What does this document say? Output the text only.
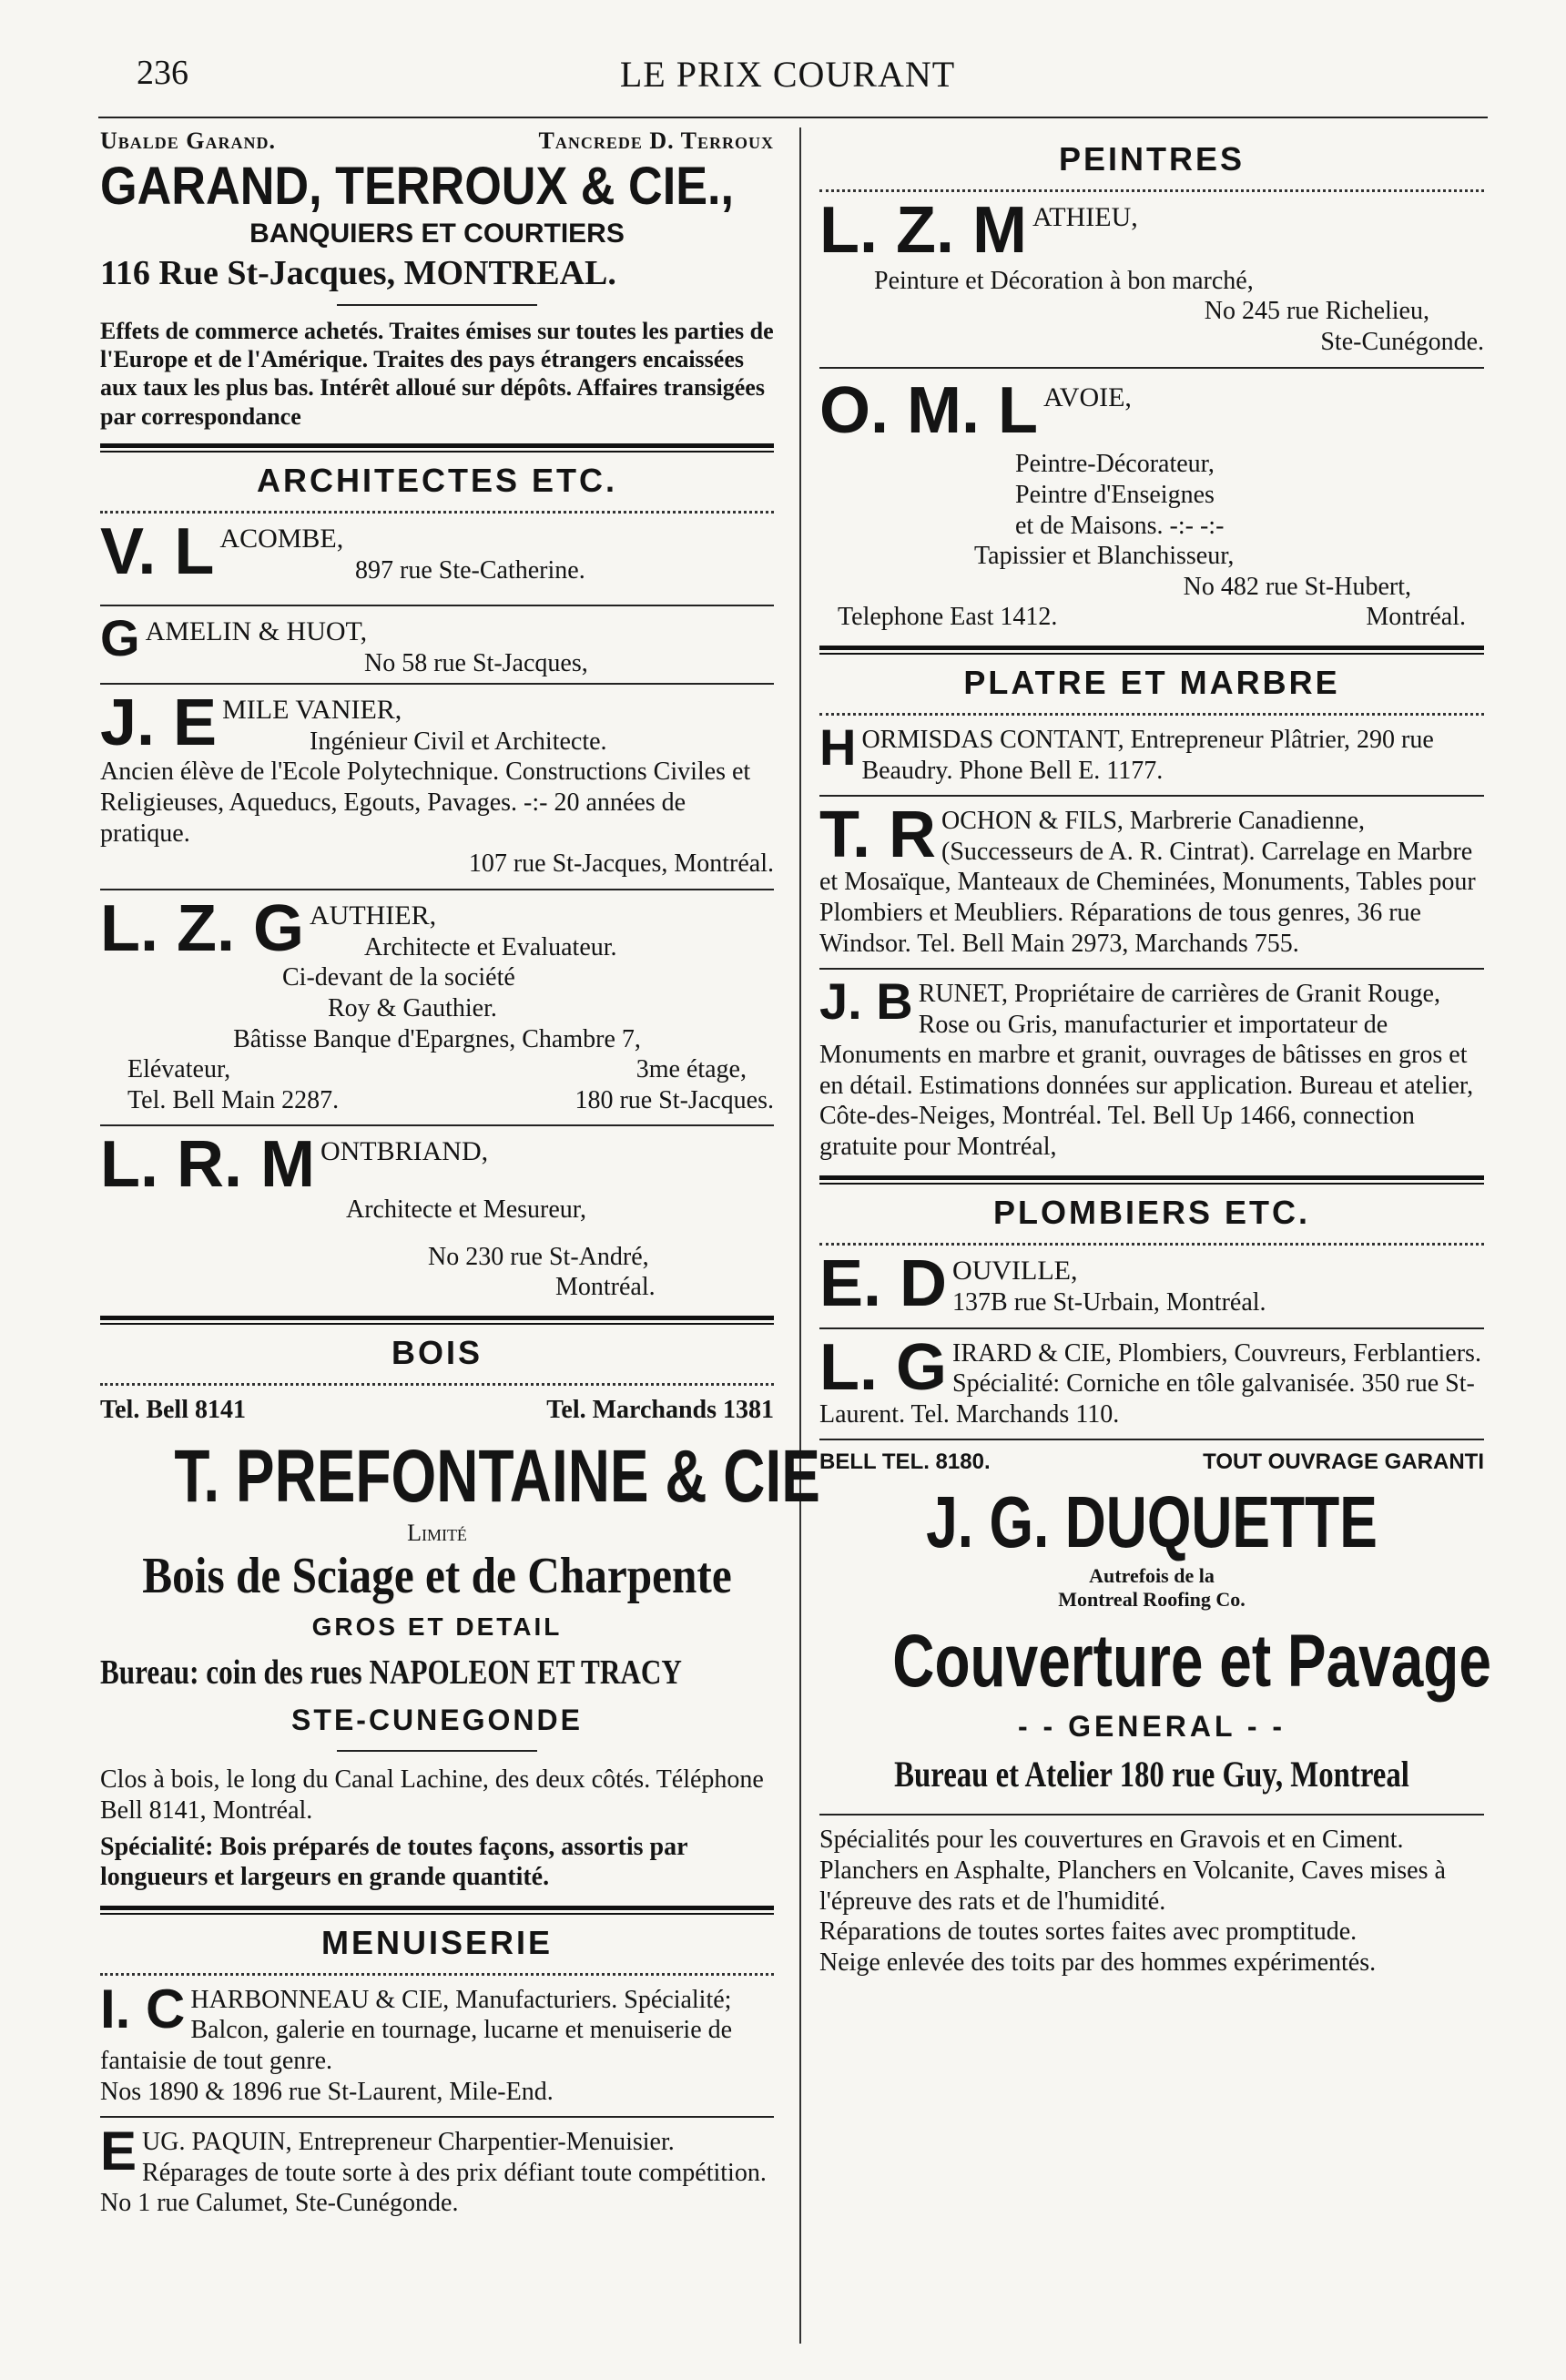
236	LE PRIX COURANT
Ubalde Garand.	Tancrede D. Terroux
GARAND, TERROUX & CIE.,
BANQUIERS ET COURTIERS
116 Rue St-Jacques, MONTREAL.

Effets de commerce achetés. Traites émises sur toutes les parties de l'Europe et de l'Amérique. Traites des pays étrangers encaissées aux taux les plus bas. Intérêt alloué sur dépôts. Affaires transigées par correspondance

ARCHITECTES ETC.
V. L ACOMBE,
897 rue Ste-Catherine.
G AMELIN & HUOT,
No 58 rue St-Jacques,
J. E MILE VANIER,
Ingénieur Civil et Architecte.

Ancien élève de l'Ecole Polytechnique. Constructions Civiles et Religieuses, Aqueducs, Egouts, Pavages. -:- 20 années de pratique.

107 rue St-Jacques, Montréal.
L. Z. G AUTHIER,
Architecte et Evaluateur.
Ci-devant de la société
Roy & Gauthier.
Bâtisse Banque d'Epargnes, Chambre 7,
Elévateur,	3me étage,
Tel. Bell Main 2287.	180 rue St-Jacques.
L. R. M ONTBRIAND,
Architecte et Mesureur,
No 230 rue St-André,
Montréal.
BOIS
Tel. Bell 8141	Tel. Marchands 1381
T. PREFONTAINE & CIE
Limité
Bois de Sciage et de Charpente
GROS ET DETAIL
Bureau: coin des rues NAPOLEON ET TRACY
STE-CUNEGONDE

Clos à bois, le long du Canal Lachine, des deux côtés. Téléphone Bell 8141, Montréal.

Spécialité: Bois préparés de toutes façons, assortis par longueurs et largeurs en grande quantité.

MENUISERIE
I. C HARBONNEAU & CIE, Manufacturiers. Spécialité; Balcon, galerie en tournage, lucarne et menuiserie de fantaisie de tout genre.

Nos 1890 & 1896 rue St-Laurent, Mile-End.

E UG. PAQUIN, Entrepreneur Charpentier-Menuisier. Réparages de toute sorte à des prix défiant toute compétition. No 1 rue Calumet, Ste-Cunégonde.

PEINTRES
L. Z. M ATHIEU,
Peinture et Décoration à bon marché,
No 245 rue Richelieu,
Ste-Cunégonde.
O. M. L AVOIE,
Peintre-Décorateur,
Peintre d'Enseignes
et de Maisons. -:- -:-
Tapissier et Blanchisseur,
No 482 rue St-Hubert,
Telephone East 1412.	Montréal.
PLATRE ET MARBRE
H ORMISDAS CONTANT, Entrepreneur Plâtrier, 290 rue Beaudry. Phone Bell E. 1177.

T. R OCHON & FILS, Marbrerie Canadienne, (Successeurs de A. R. Cintrat). Carrelage en Marbre et Mosaïque, Manteaux de Cheminées, Monuments, Tables pour Plombiers et Meubliers. Réparations de tous genres, 36 rue Windsor. Tel. Bell Main 2973, Marchands 755.

J. B RUNET, Propriétaire de carrières de Granit Rouge, Rose ou Gris, manufacturier et importateur de Monuments en marbre et granit, ouvrages de bâtisses en gros et en détail. Estimations données sur application. Bureau et atelier, Côte-des-Neiges, Montréal. Tel. Bell Up 1466, connection gratuite pour Montréal,

PLOMBIERS ETC.
E. D OUVILLE,
137B rue St-Urbain, Montréal.
L. G IRARD & CIE, Plombiers, Couvreurs, Ferblantiers. Spécialité: Corniche en tôle galvanisée. 350 rue St-Laurent. Tel. Marchands 110.

BELL TEL. 8180.	TOUT OUVRAGE GARANTI
J. G. DUQUETTE
Autrefois de la
Montreal Roofing Co.
Couverture et Pavage
- - GENERAL - -
Bureau et Atelier 180 rue Guy, Montreal

Spécialités pour les couvertures en Gravois et en Ciment. Planchers en Asphalte, Planchers en Volcanite, Caves mises à l'épreuve des rats et de l'humidité.

Réparations de toutes sortes faites avec promptitude.

Neige enlevée des toits par des hommes expérimentés.
